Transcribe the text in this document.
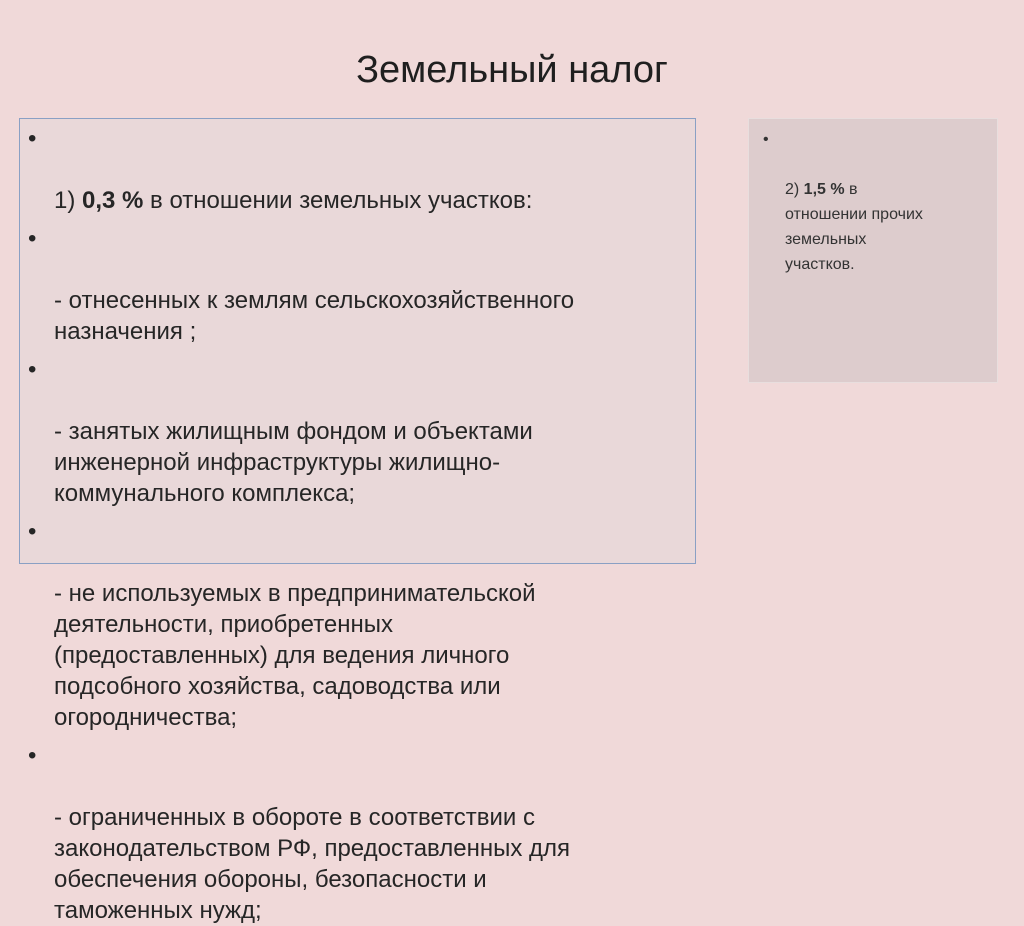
Земельный налог

•

1) 0,3 % в отношении земельных участков:

•

- отнесенных к землям сельскохозяйственного
назначения ;

•

- занятых жилищным фондом и объектами
инженерной инфраструктуры жилищно-
коммунального комплекса;

•

- не используемых в предпринимательской
деятельности, приобретенных
(предоставленных) для ведения личного
подсобного хозяйства, садоводства или
огородничества;

•

- ограниченных в обороте в соответствии с
законодательством РФ, предоставленных для
обеспечения обороны, безопасности и
таможенных нужд;

•

2) 1,5 % в
отношении прочих
земельных
участков.
